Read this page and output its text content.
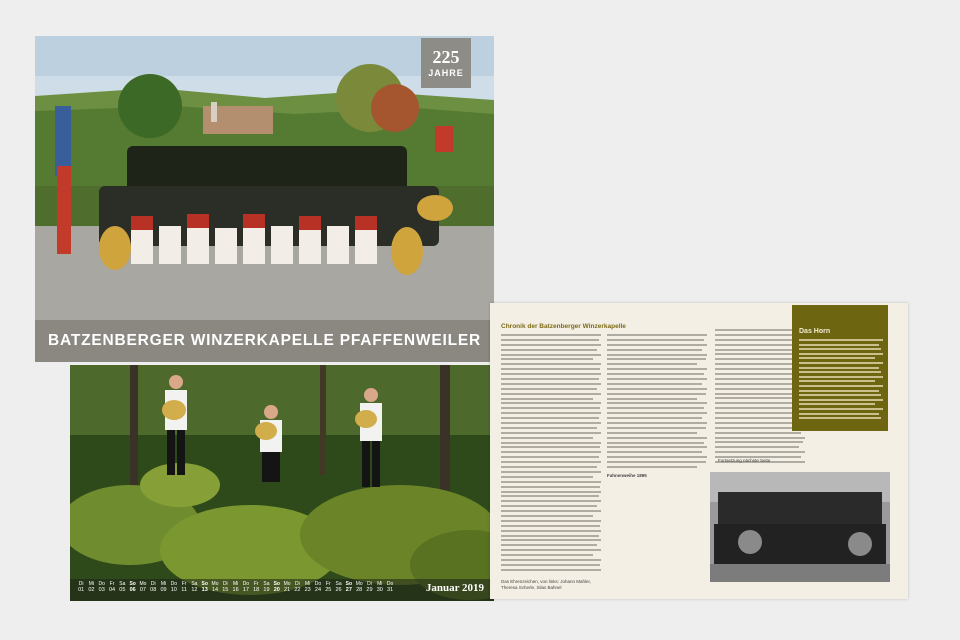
225
JAHRE
BATZENBERGER WINZERKAPELLE PFAFFENWEILER
Di
01
Mi
02
Do
03
Fr
04
Sa
05
So
06
Mo
07
Di
08
Mi
09
Do
10
Fr
11
Sa
12
So
13
Mo
14
Di
15
Mi
16
Do
17
Fr
18
Sa
19
So
20
Mo
21
Di
22
Mi
23
Do
24
Fr
25
Sa
26
So
27
Mo
28
Di
29
Mi
30
Do
31	Januar 2019
Chronik der Batzenberger Winzerkapelle
Das Horn
Das Ehrenzeichen, von links: Johann Mahler, Theresa Scherle, Silas Bahnel
Fahnenweihe 1895
Fortsetzung nächste Seite
